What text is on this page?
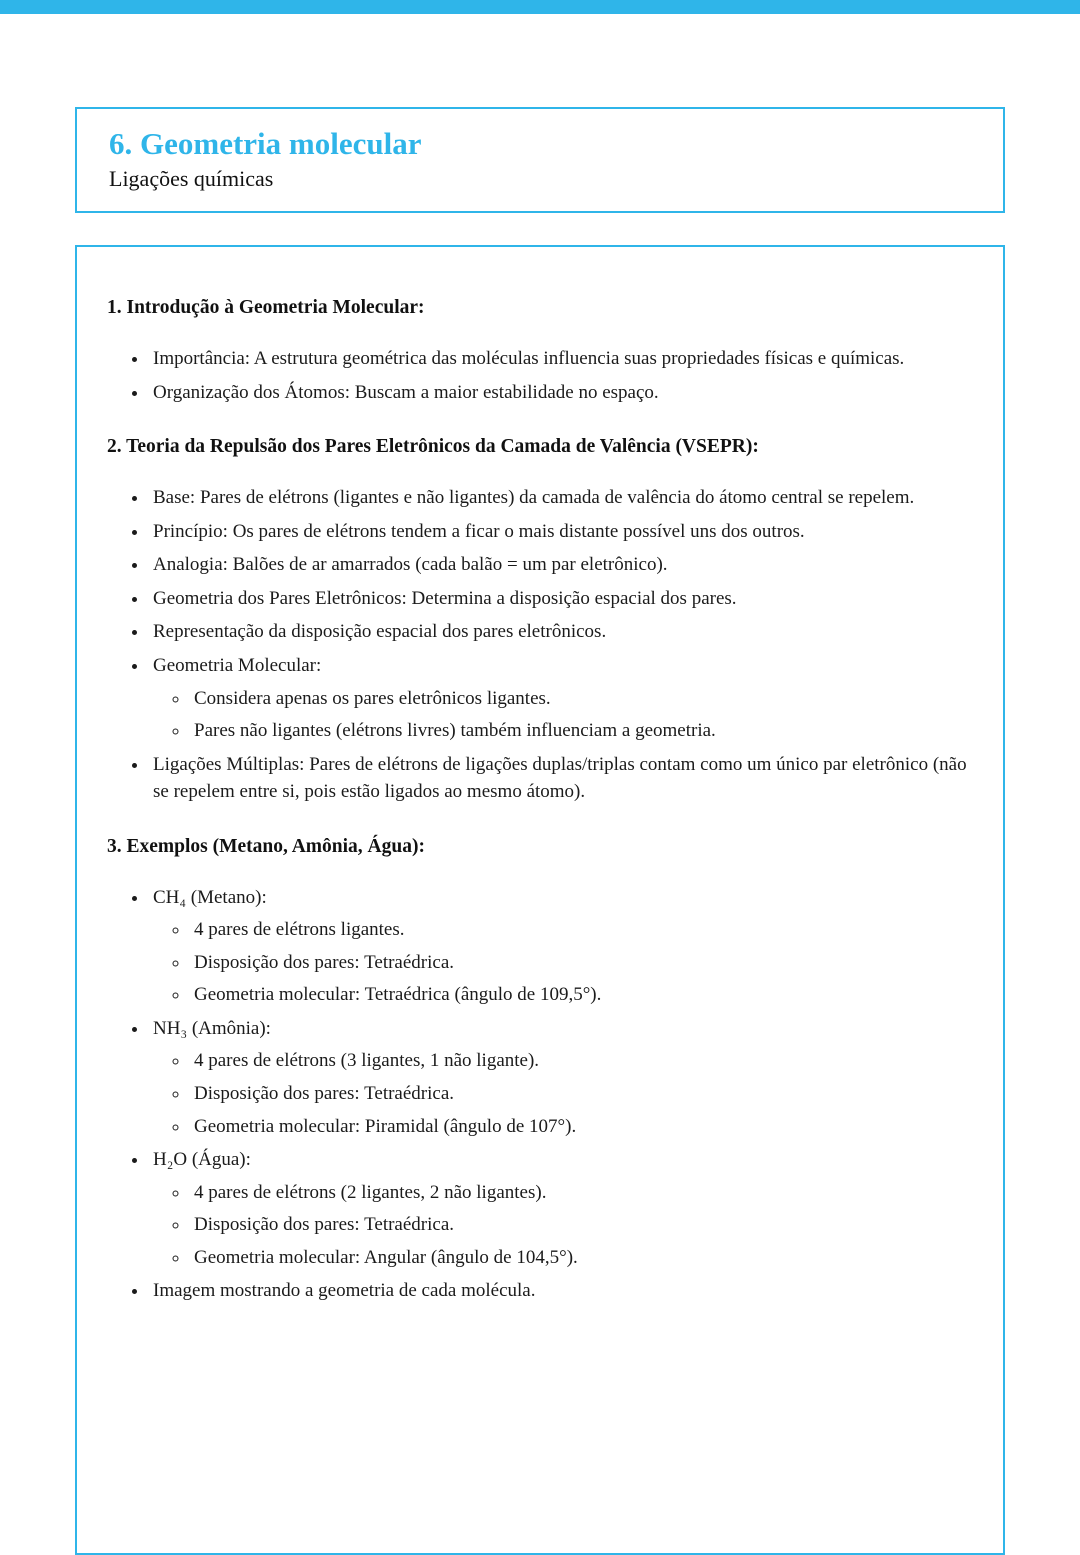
6. Geometria molecular
Ligações químicas
1. Introdução à Geometria Molecular:
• Importância: A estrutura geométrica das moléculas influencia suas propriedades físicas e químicas.
• Organização dos Átomos: Buscam a maior estabilidade no espaço.
2. Teoria da Repulsão dos Pares Eletrônicos da Camada de Valência (VSEPR):
• Base: Pares de elétrons (ligantes e não ligantes) da camada de valência do átomo central se repelem.
• Princípio: Os pares de elétrons tendem a ficar o mais distante possível uns dos outros.
• Analogia: Balões de ar amarrados (cada balão = um par eletrônico).
• Geometria dos Pares Eletrônicos: Determina a disposição espacial dos pares.
• Representação da disposição espacial dos pares eletrônicos.
• Geometria Molecular:
◦ Considera apenas os pares eletrônicos ligantes.
◦ Pares não ligantes (elétrons livres) também influenciam a geometria.
• Ligações Múltiplas: Pares de elétrons de ligações duplas/triplas contam como um único par eletrônico (não se repelem entre si, pois estão ligados ao mesmo átomo).
3. Exemplos (Metano, Amônia, Água):
• CH₄ (Metano):
◦ 4 pares de elétrons ligantes.
◦ Disposição dos pares: Tetraédrica.
◦ Geometria molecular: Tetraédrica (ângulo de 109,5°).
• NH₃ (Amônia):
◦ 4 pares de elétrons (3 ligantes, 1 não ligante).
◦ Disposição dos pares: Tetraédrica.
◦ Geometria molecular: Piramidal (ângulo de 107°).
• H₂O (Água):
◦ 4 pares de elétrons (2 ligantes, 2 não ligantes).
◦ Disposição dos pares: Tetraédrica.
◦ Geometria molecular: Angular (ângulo de 104,5°).
• Imagem mostrando a geometria de cada molécula.
